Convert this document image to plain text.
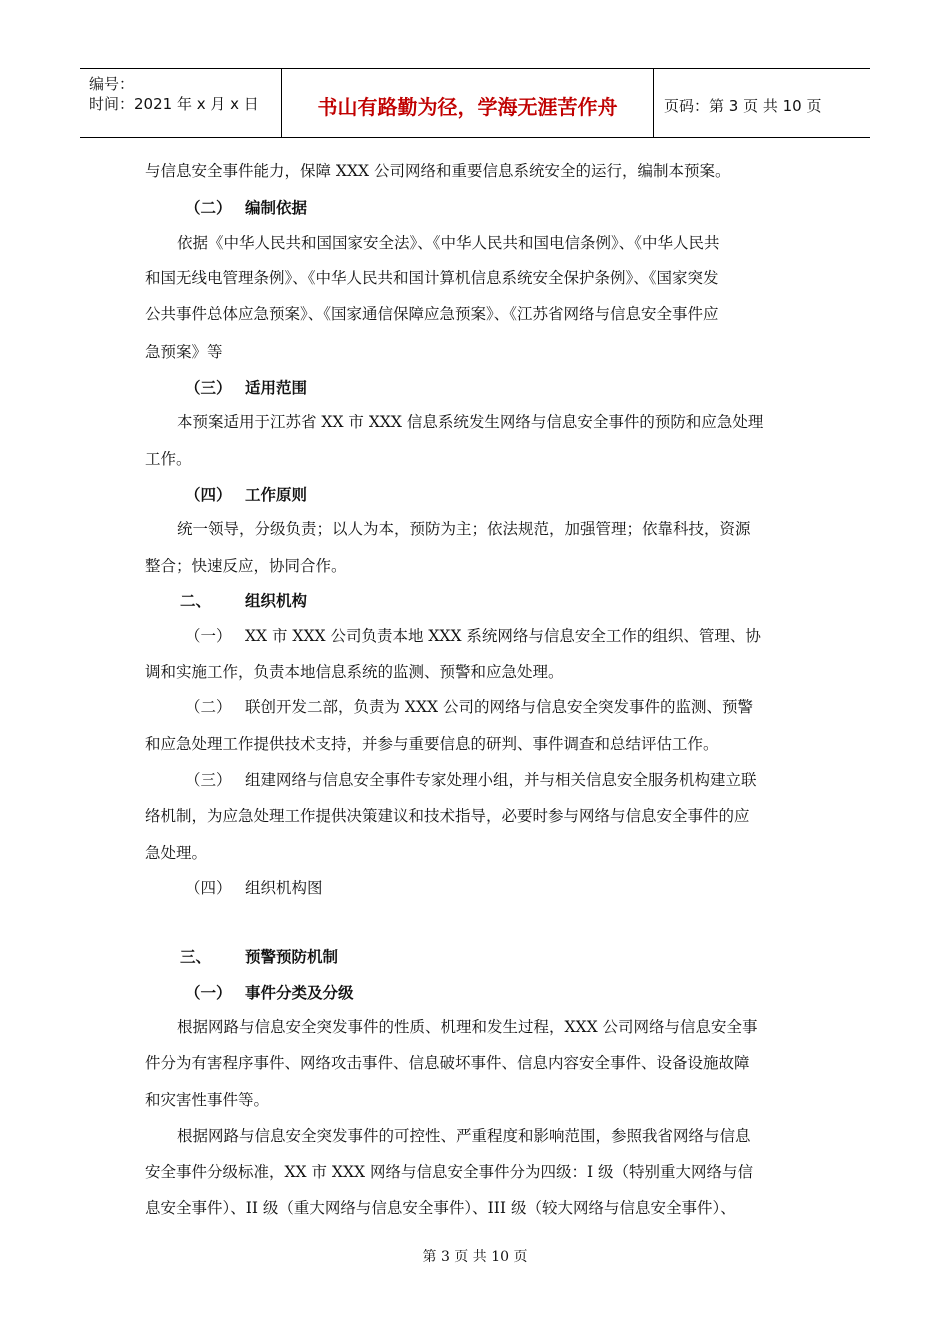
编号：
时间：2021 年 x 月 x 日	书山有路勤为径，学海无涯苦作舟	页码：第 3 页 共 10 页
与信息安全事件能力，保障 XXX 公司网络和重要信息系统安全的运行，编制本预案。
（二） 编制依据
依据《中华人民共和国国家安全法》、《中华人民共和国电信条例》、《中华人民共
和国无线电管理条例》、《中华人民共和国计算机信息系统安全保护条例》、《国家突发
公共事件总体应急预案》、《国家通信保障应急预案》、《江苏省网络与信息安全事件应
急预案》等
（三） 适用范围
本预案适用于江苏省 XX 市 XXX 信息系统发生网络与信息安全事件的预防和应急处理
工作。
（四） 工作原则
统一领导，分级负责；以人为本，预防为主；依法规范，加强管理；依靠科技，资源
整合；快速反应，协同合作。
二、 组织机构
（一） XX 市 XXX 公司负责本地 XXX 系统网络与信息安全工作的组织、管理、协
调和实施工作，负责本地信息系统的监测、预警和应急处理。
（二） 联创开发二部，负责为 XXX 公司的网络与信息安全突发事件的监测、预警
和应急处理工作提供技术支持，并参与重要信息的研判、事件调查和总结评估工作。
（三） 组建网络与信息安全事件专家处理小组，并与相关信息安全服务机构建立联
络机制，为应急处理工作提供决策建议和技术指导，必要时参与网络与信息安全事件的应
急处理。
（四） 组织机构图
三、 预警预防机制
（一） 事件分类及分级
根据网路与信息安全突发事件的性质、机理和发生过程，XXX 公司网络与信息安全事
件分为有害程序事件、网络攻击事件、信息破坏事件、信息内容安全事件、设备设施故障
和灾害性事件等。
根据网路与信息安全突发事件的可控性、严重程度和影响范围，参照我省网络与信息
安全事件分级标准，XX 市 XXX 网络与信息安全事件分为四级：I 级（特别重大网络与信
息安全事件）、II 级（重大网络与信息安全事件）、III 级（较大网络与信息安全事件）、
第 3 页 共 10 页
